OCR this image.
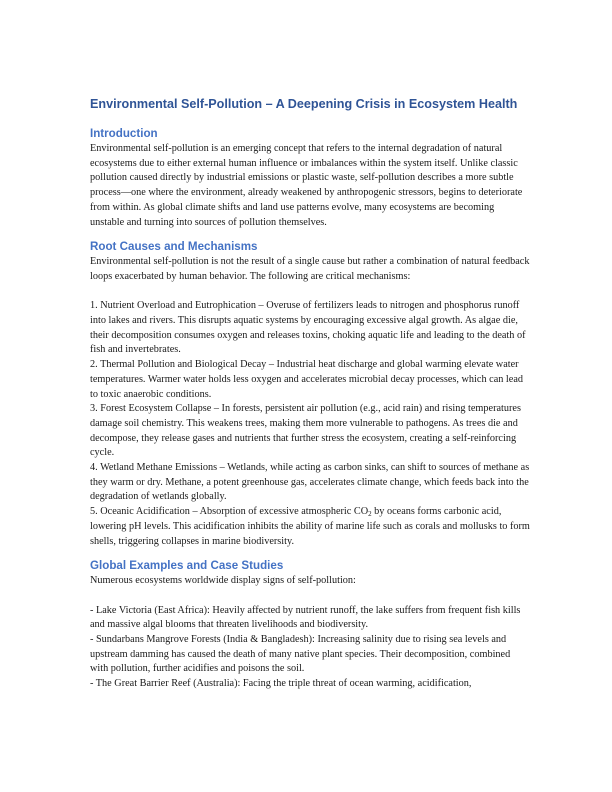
Environmental Self-Pollution – A Deepening Crisis in Ecosystem Health
Introduction

Environmental self-pollution is an emerging concept that refers to the internal degradation of natural ecosystems due to either external human influence or imbalances within the system itself. Unlike classic pollution caused directly by industrial emissions or plastic waste, self-pollution describes a more subtle process—one where the environment, already weakened by anthropogenic stressors, begins to deteriorate from within. As global climate shifts and land use patterns evolve, many ecosystems are becoming unstable and turning into sources of pollution themselves.

Root Causes and Mechanisms

Environmental self-pollution is not the result of a single cause but rather a combination of natural feedback loops exacerbated by human behavior. The following are critical mechanisms:

1. Nutrient Overload and Eutrophication – Overuse of fertilizers leads to nitrogen and phosphorus runoff into lakes and rivers. This disrupts aquatic systems by encouraging excessive algal growth. As algae die, their decomposition consumes oxygen and releases toxins, choking aquatic life and leading to the death of fish and invertebrates.

2. Thermal Pollution and Biological Decay – Industrial heat discharge and global warming elevate water temperatures. Warmer water holds less oxygen and accelerates microbial decay processes, which can lead to toxic anaerobic conditions.

3. Forest Ecosystem Collapse – In forests, persistent air pollution (e.g., acid rain) and rising temperatures damage soil chemistry. This weakens trees, making them more vulnerable to pathogens. As trees die and decompose, they release gases and nutrients that further stress the ecosystem, creating a self-reinforcing cycle.

4. Wetland Methane Emissions – Wetlands, while acting as carbon sinks, can shift to sources of methane as they warm or dry. Methane, a potent greenhouse gas, accelerates climate change, which feeds back into the degradation of wetlands globally.

5. Oceanic Acidification – Absorption of excessive atmospheric $CO_2$ by oceans forms carbonic acid, lowering pH levels. This acidification inhibits the ability of marine life such as corals and mollusks to form shells, triggering collapses in marine biodiversity.

Global Examples and Case Studies

Numerous ecosystems worldwide display signs of self-pollution:

- Lake Victoria (East Africa): Heavily affected by nutrient runoff, the lake suffers from frequent fish kills and massive algal blooms that threaten livelihoods and biodiversity.

- Sundarbans Mangrove Forests (India & Bangladesh): Increasing salinity due to rising sea levels and upstream damming has caused the death of many native plant species. Their decomposition, combined with pollution, further acidifies and poisons the soil.

- The Great Barrier Reef (Australia): Facing the triple threat of ocean warming, acidification,
